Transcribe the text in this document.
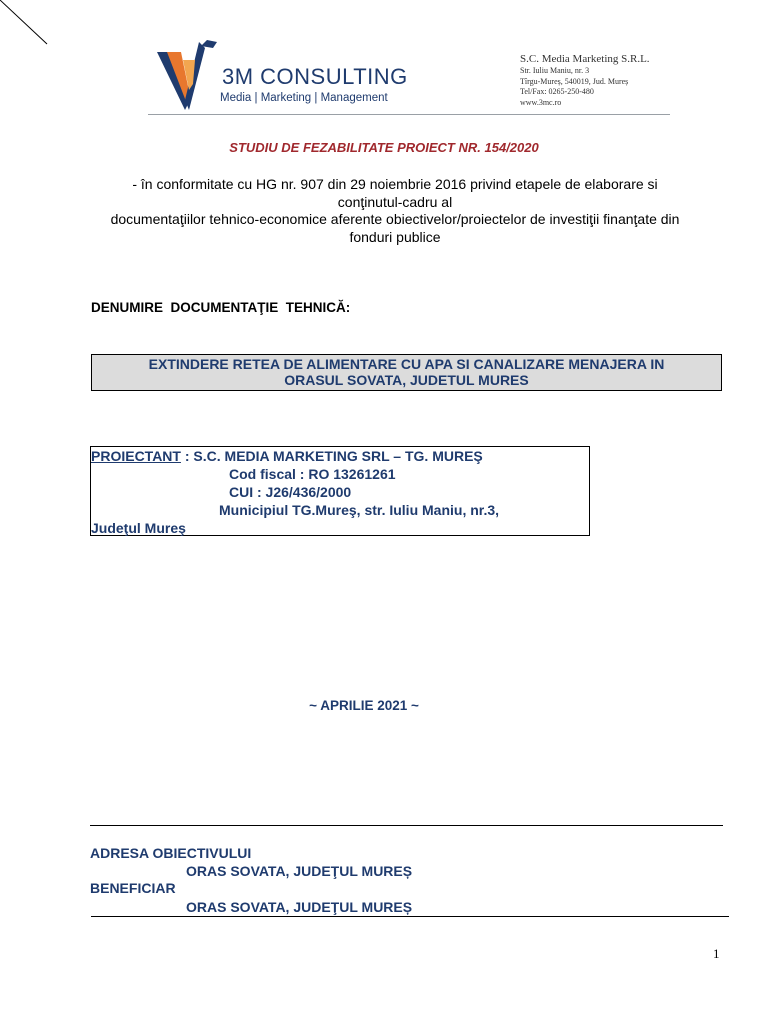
3M CONSULTING
Media | Marketing | Management
S.C. Media Marketing S.R.L.
Str. Iuliu Maniu, nr. 3
Tîrgu-Mureș, 540019, Jud. Mureș
Tel/Fax: 0265-250-480
www.3mc.ro
STUDIU DE FEZABILITATE PROIECT NR. 154/2020
- în conformitate cu HG nr. 907 din 29 noiembrie 2016 privind etapele de elaborare si
conţinutul-cadru al
documentaţiilor tehnico-economice aferente obiectivelor/proiectelor de investiţii finanţate din
fonduri publice
DENUMIRE  DOCUMENTAŢIE  TEHNICĂ:
EXTINDERE RETEA DE ALIMENTARE CU APA SI CANALIZARE MENAJERA IN
ORASUL SOVATA, JUDETUL MURES
PROIECTANT : S.C. MEDIA MARKETING SRL – TG. MUREŞ
Cod fiscal : RO 13261261
CUI : J26/436/2000
Municipiul TG.Mureş, str. Iuliu Maniu, nr.3,
Judeţul Mureş
~ APRILIE 2021 ~
ADRESA OBIECTIVULUI
ORAS SOVATA, JUDEŢUL MUREȘ
BENEFICIAR
ORAS SOVATA, JUDEŢUL MUREȘ
1
